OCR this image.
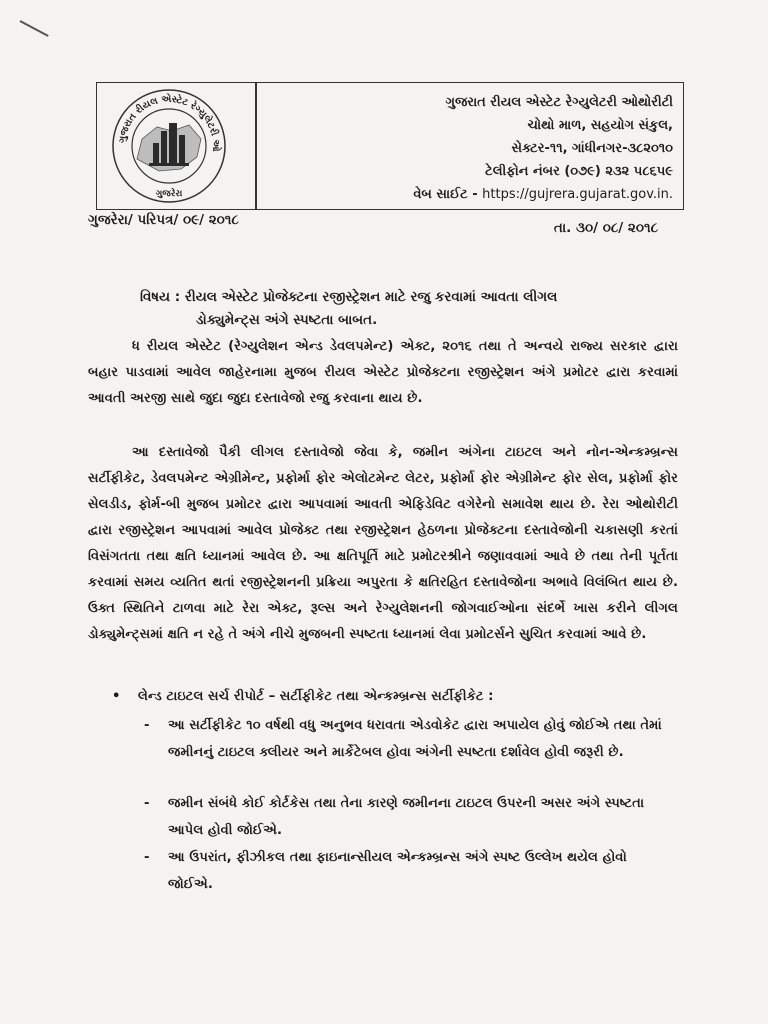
ગુજરાત રીયલ એસ્ટેટ રેગ્યુલેટરી ઓ
ગુજરેરા
ગુજરાત રીયલ એસ્ટેટ રેગ્યુલેટરી ઓથોરીટી
ચોથો માળ, સહયોગ સંકુલ,
સેક્ટર-૧૧, ગાંધીનગર-૩૮૨૦૧૦
ટેલીફોન નંબર (૦૭૯) ૨૩૨ ૫૮૬૫૯
વેબ સાઈટ - https://gujrera.gujarat.gov.in.
ગુજરેરા/ પરિપત્ર/ ૦૯/ ૨૦૧૮	તા. ૩૦/ ૦૮/ ૨૦૧૮
વિષય : રીયલ એસ્ટેટ પ્રોજેક્ટના રજીસ્ટ્રેશન માટે રજુ કરવામાં આવતા લીગલ
ડોક્યુમેન્ટ્સ અંગે સ્પષ્ટતા બાબત.
ધ રીયલ એસ્ટેટ (રેગ્યુલેશન એન્ડ ડેવલપમેન્ટ) એક્ટ, ૨૦૧૬ તથા તે અન્વયે રાજ્ય સરકાર દ્વારા બહાર પાડવામાં આવેલ જાહેરનામા મુજબ રીયલ એસ્ટેટ પ્રોજેક્ટના રજીસ્ટ્રેશન અંગે પ્રમોટર દ્વારા કરવામાં આવતી અરજી સાથે જુદા જુદા દસ્તાવેજો રજુ કરવાના થાય છે.
આ દસ્તાવેજો પૈકી લીગલ દસ્તાવેજો જેવા કે, જમીન અંગેના ટાઇટલ અને નોન-એન્કમ્બ્રન્સ સર્ટીફીકેટ, ડેવલપમેન્ટ એગ્રીમેન્ટ, પ્રફોર્મા ફોર એલોટમેન્ટ લેટર, પ્રફોર્મા ફોર એગ્રીમેન્ટ ફોર સેલ, પ્રફોર્મા ફોર સેલડીડ, ફોર્મ-બી મુજબ પ્રમોટર દ્વારા આપવામાં આવતી એફિડેવિટ વગેરેનો સમાવેશ થાય છે. રેરા ઓથોરીટી દ્વારા રજીસ્ટ્રેશન આપવામાં આવેલ પ્રોજેક્ટ તથા રજીસ્ટ્રેશન હેઠળના પ્રોજેક્ટના દસ્તાવેજોની ચકાસણી કરતાં વિસંગતતા તથા ક્ષતિ ધ્યાનમાં આવેલ છે. આ ક્ષતિપૂર્તિ માટે પ્રમોટરશ્રીને જણાવવામાં આવે છે તથા તેની પૂર્તતા કરવામાં સમય વ્યતિત થતાં રજીસ્ટ્રેશનની પ્રક્રિયા અપુરતા કે ક્ષતિરહિત દસ્તાવેજોના અભાવે વિલંબિત થાય છે. ઉક્ત સ્થિતિને ટાળવા માટે રેરા એક્ટ, રૂલ્સ અને રેગ્યુલેશનની જોગવાઈઓના સંદર્ભે ખાસ કરીને લીગલ ડોક્યુમેન્ટ્સમાં ક્ષતિ ન રહે તે અંગે નીચે મુજબની સ્પષ્ટતા ધ્યાનમાં લેવા પ્રમોટર્સને સુચિત કરવામાં આવે છે.
• લેન્ડ ટાઇટલ સર્ચ રીપોર્ટ – સર્ટીફીકેટ તથા એન્કમ્બ્રન્સ સર્ટીફીકેટ :
- આ સર્ટીફીકેટ ૧૦ વર્ષથી વધુ અનુભવ ધરાવતા એડવોકેટ દ્વારા અપાયેલ હોવું જોઈએ તથા તેમાં જમીનનું ટાઇટલ ક્લીયર અને માર્કેટેબલ હોવા અંગેની સ્પષ્ટતા દર્શાવેલ હોવી જરૂરી છે.
- જમીન સંબંધે કોઈ કોર્ટકેસ તથા તેના કારણે જમીનના ટાઇટલ ઉપરની અસર અંગે સ્પષ્ટતા આપેલ હોવી જોઈએ.
- આ ઉપરાંત, ફીઝીકલ તથા ફાઇનાન્સીયલ એન્કમ્બ્રન્સ અંગે સ્પષ્ટ ઉલ્લેખ થયેલ હોવો જોઈએ.
